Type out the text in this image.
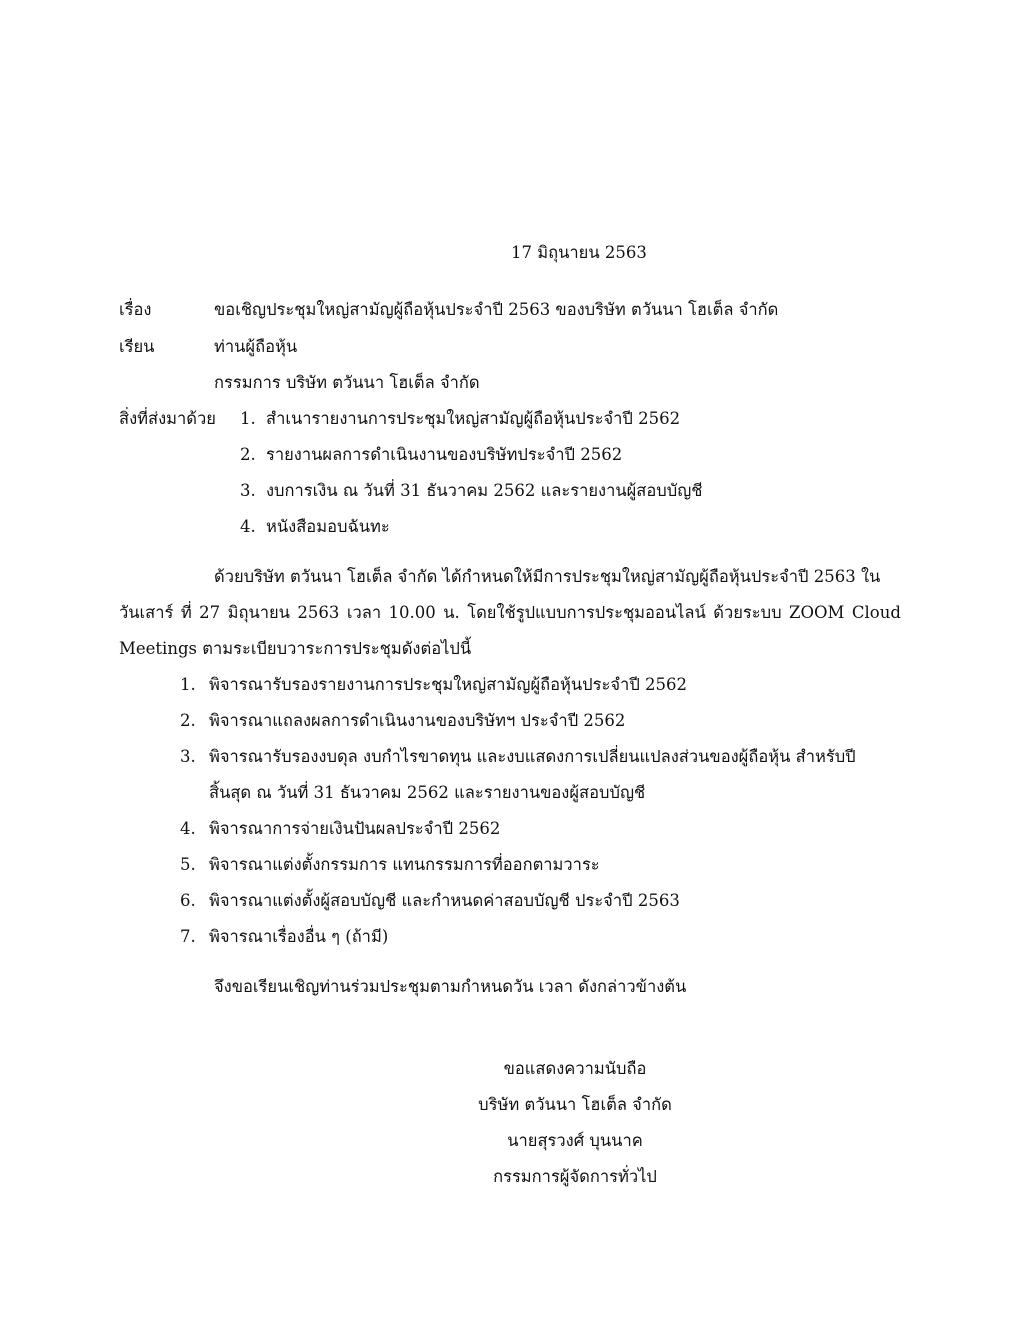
17 มิถุนายน 2563
เรื่อง	ขอเชิญประชุมใหญ่สามัญผู้ถือหุ้นประจำปี 2563 ของบริษัท ตวันนา โฮเต็ล จำกัด
เรียน	ท่านผู้ถือหุ้น
กรรมการ บริษัท ตวันนา โฮเต็ล จำกัด
สิ่งที่ส่งมาด้วย 1. สำเนารายงานการประชุมใหญ่สามัญผู้ถือหุ้นประจำปี 2562
2. รายงานผลการดำเนินงานของบริษัทประจำปี 2562
3. งบการเงิน ณ วันที่ 31 ธันวาคม 2562 และรายงานผู้สอบบัญชี
4. หนังสือมอบฉันทะ
ด้วยบริษัท ตวันนา โฮเต็ล จำกัด ได้กำหนดให้มีการประชุมใหญ่สามัญผู้ถือหุ้นประจำปี 2563 ใน
วันเสาร์ ที่ 27 มิถุนายน 2563 เวลา 10.00 น. โดยใช้รูปแบบการประชุมออนไลน์ ด้วยระบบ ZOOM Cloud
Meetings ตามระเบียบวาระการประชุมดังต่อไปนี้
1. พิจารณารับรองรายงานการประชุมใหญ่สามัญผู้ถือหุ้นประจำปี 2562
2. พิจารณาแถลงผลการดำเนินงานของบริษัทฯ ประจำปี 2562
3. พิจารณารับรองงบดุล งบกำไรขาดทุน และงบแสดงการเปลี่ยนแปลงส่วนของผู้ถือหุ้น สำหรับปี
สิ้นสุด ณ วันที่ 31 ธันวาคม 2562 และรายงานของผู้สอบบัญชี
4. พิจารณาการจ่ายเงินปันผลประจำปี 2562
5. พิจารณาแต่งตั้งกรรมการ แทนกรรมการที่ออกตามวาระ
6. พิจารณาแต่งตั้งผู้สอบบัญชี และกำหนดค่าสอบบัญชี ประจำปี 2563
7. พิจารณาเรื่องอื่น ๆ (ถ้ามี)
จึงขอเรียนเชิญท่านร่วมประชุมตามกำหนดวัน เวลา ดังกล่าวข้างต้น
ขอแสดงความนับถือ
บริษัท ตวันนา โฮเต็ล จำกัด
นายสุรวงศ์ บุนนาค
กรรมการผู้จัดการทั่วไป
